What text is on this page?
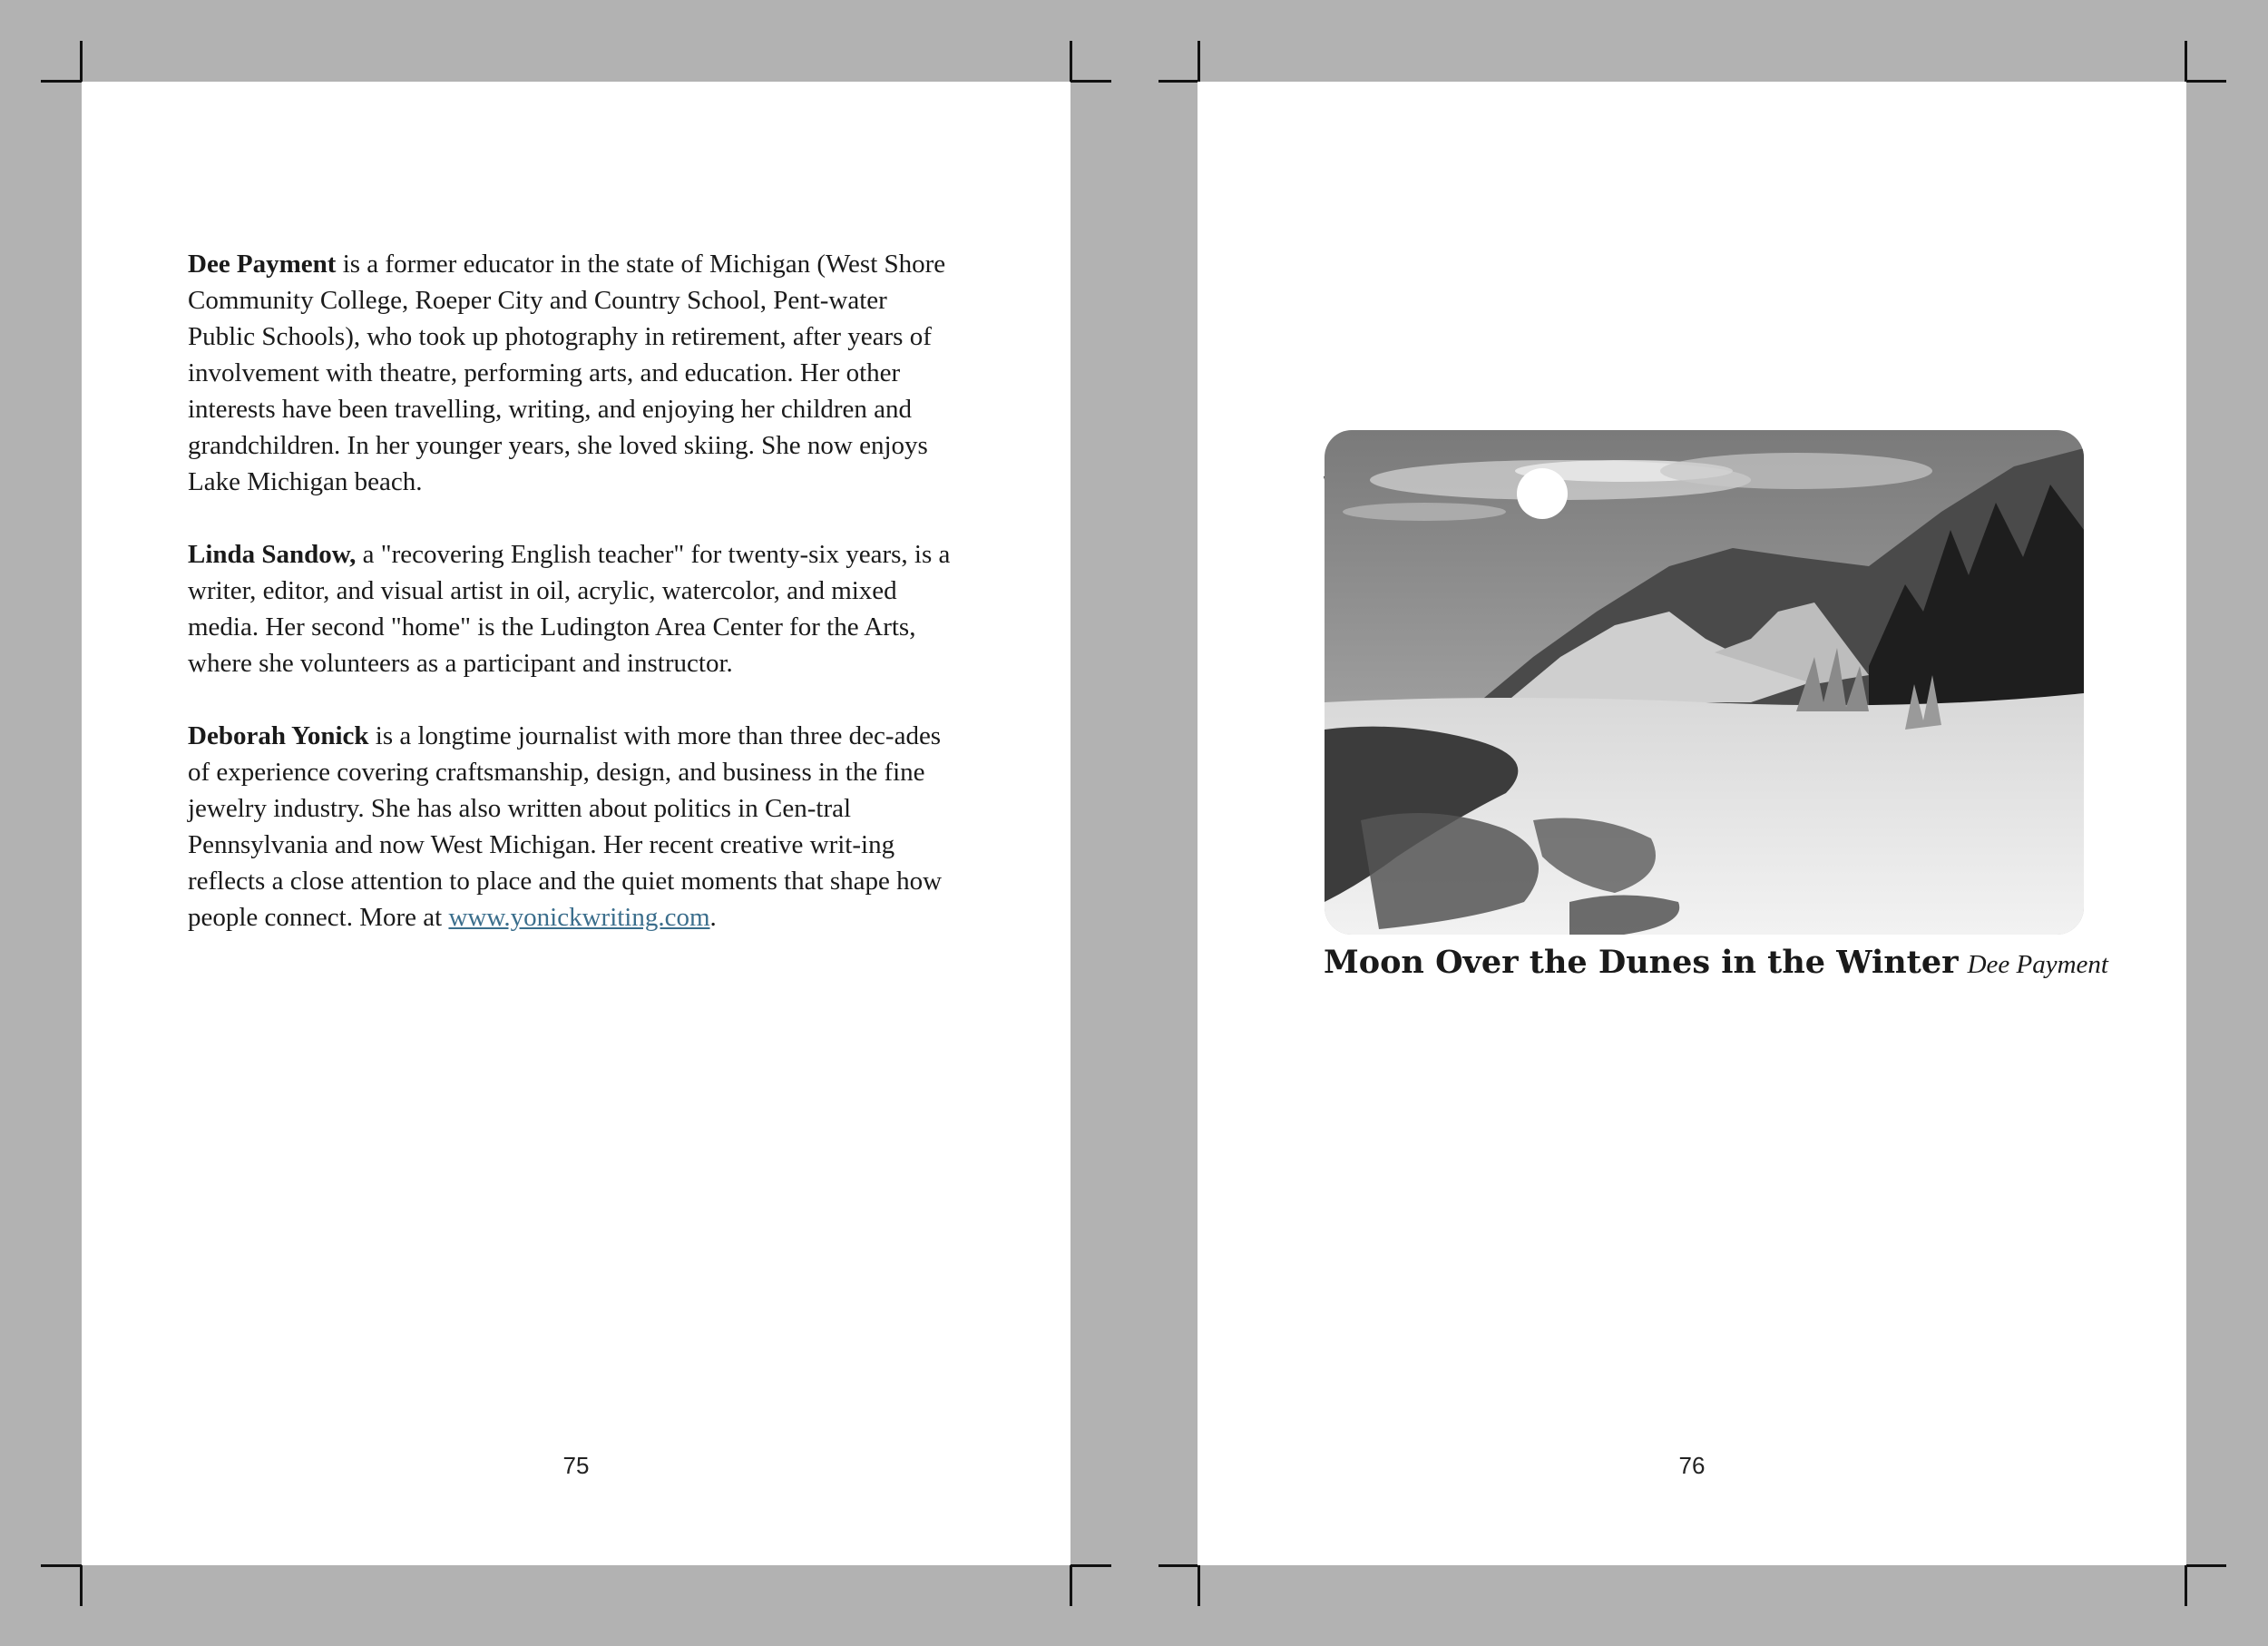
Dee Payment is a former educator in the state of Michigan (West Shore Community College, Roeper City and Country School, Pent-water Public Schools), who took up photography in retirement, after years of involvement with theatre, performing arts, and education. Her other interests have been travelling, writing, and enjoying her children and grandchildren. In her younger years, she loved skiing. She now enjoys Lake Michigan beach.

Linda Sandow, a "recovering English teacher" for twenty-six years, is a writer, editor, and visual artist in oil, acrylic, watercolor, and mixed media. Her second "home" is the Ludington Area Center for the Arts, where she volunteers as a participant and instructor.

Deborah Yonick is a longtime journalist with more than three dec-ades of experience covering craftsmanship, design, and business in the fine jewelry industry. She has also written about politics in Cen-tral Pennsylvania and now West Michigan. Her recent creative writ-ing reflects a close attention to place and the quiet moments that shape how people connect. More at www.yonickwriting.com.

75
Moon Over the Dunes in the Winter Dee Payment
76
